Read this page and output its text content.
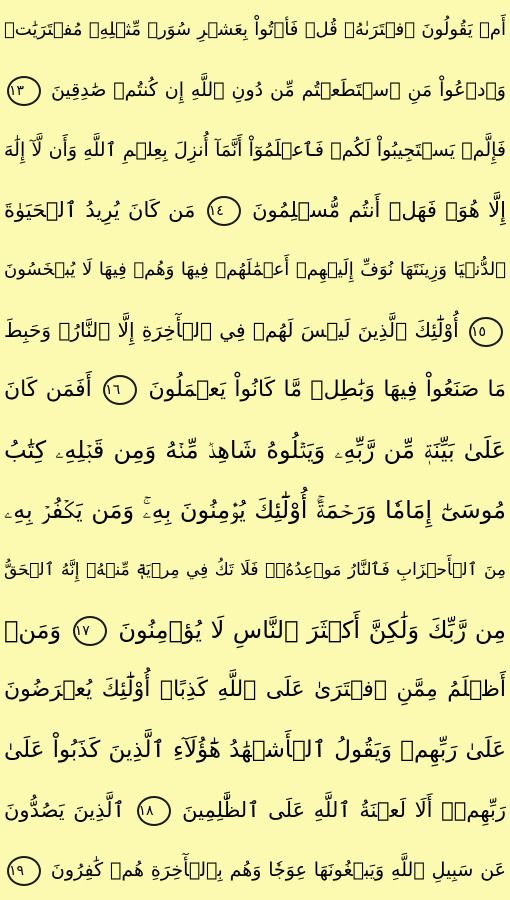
أَمۡ يَقُولُونَ ٱفۡتَرَىٰهُۖ قُلۡ فَأۡتُواْ بِعَشۡرِ سُوَرٖ مِّثۡلِهِۦ مُفۡتَرَيَٰتٖ
وَٱدۡعُواْ مَنِ ٱسۡتَطَعۡتُم مِّن دُونِ ٱللَّهِ إِن كُنتُمۡ صَٰدِقِينَ ١٣
فَإِلَّمۡ يَسۡتَجِيبُواْ لَكُمۡ فَٱعۡلَمُوٓاْ أَنَّمَآ أُنزِلَ بِعِلۡمِ ٱللَّهِ وَأَن لَّآ إِلَٰهَ
إِلَّا هُوَۖ فَهَلۡ أَنتُم مُّسۡلِمُونَ ١٤ مَن كَانَ يُرِيدُ ٱلۡحَيَوٰةَ
ٱلدُّنۡيَا وَزِينَتَهَا نُوَفِّ إِلَيۡهِمۡ أَعۡمَٰلَهُمۡ فِيهَا وَهُمۡ فِيهَا لَا يُبۡخَسُونَ
١٥ أُوْلَٰٓئِكَ ٱلَّذِينَ لَيۡسَ لَهُمۡ فِي ٱلۡأٓخِرَةِ إِلَّا ٱلنَّارُۖ وَحَبِطَ
مَا صَنَعُواْ فِيهَا وَبَٰطِلٞ مَّا كَانُواْ يَعۡمَلُونَ ١٦ أَفَمَن كَانَ
عَلَىٰ بَيِّنَةٖ مِّن رَّبِّهِۦ وَيَتۡلُوهُ شَاهِدٞ مِّنۡهُ وَمِن قَبۡلِهِۦ كِتَٰبُ
مُوسَىٰٓ إِمَامٗا وَرَحۡمَةًۚ أُوْلَٰٓئِكَ يُؤۡمِنُونَ بِهِۦۚ وَمَن يَكۡفُرۡ بِهِۦ
مِنَ ٱلۡأَحۡزَابِ فَٱلنَّارُ مَوۡعِدُهُۥۚ فَلَا تَكُ فِي مِرۡيَةٖ مِّنۡهُۚ إِنَّهُ ٱلۡحَقُّ
مِن رَّبِّكَ وَلَٰكِنَّ أَكۡثَرَ ٱلنَّاسِ لَا يُؤۡمِنُونَ ١٧ وَمَنۡ
أَظۡلَمُ مِمَّنِ ٱفۡتَرَىٰ عَلَى ٱللَّهِ كَذِبًاۚ أُوْلَٰٓئِكَ يُعۡرَضُونَ
عَلَىٰ رَبِّهِمۡ وَيَقُولُ ٱلۡأَشۡهَٰدُ هَٰٓؤُلَآءِ ٱلَّذِينَ كَذَبُواْ عَلَىٰ
رَبِّهِمۡۚ أَلَا لَعۡنَةُ ٱللَّهِ عَلَى ٱلظَّٰلِمِينَ ١٨ ٱلَّذِينَ يَصُدُّونَ
عَن سَبِيلِ ٱللَّهِ وَيَبۡغُونَهَا عِوَجٗا وَهُم بِٱلۡأٓخِرَةِ هُمۡ كَٰفِرُونَ ١٩
